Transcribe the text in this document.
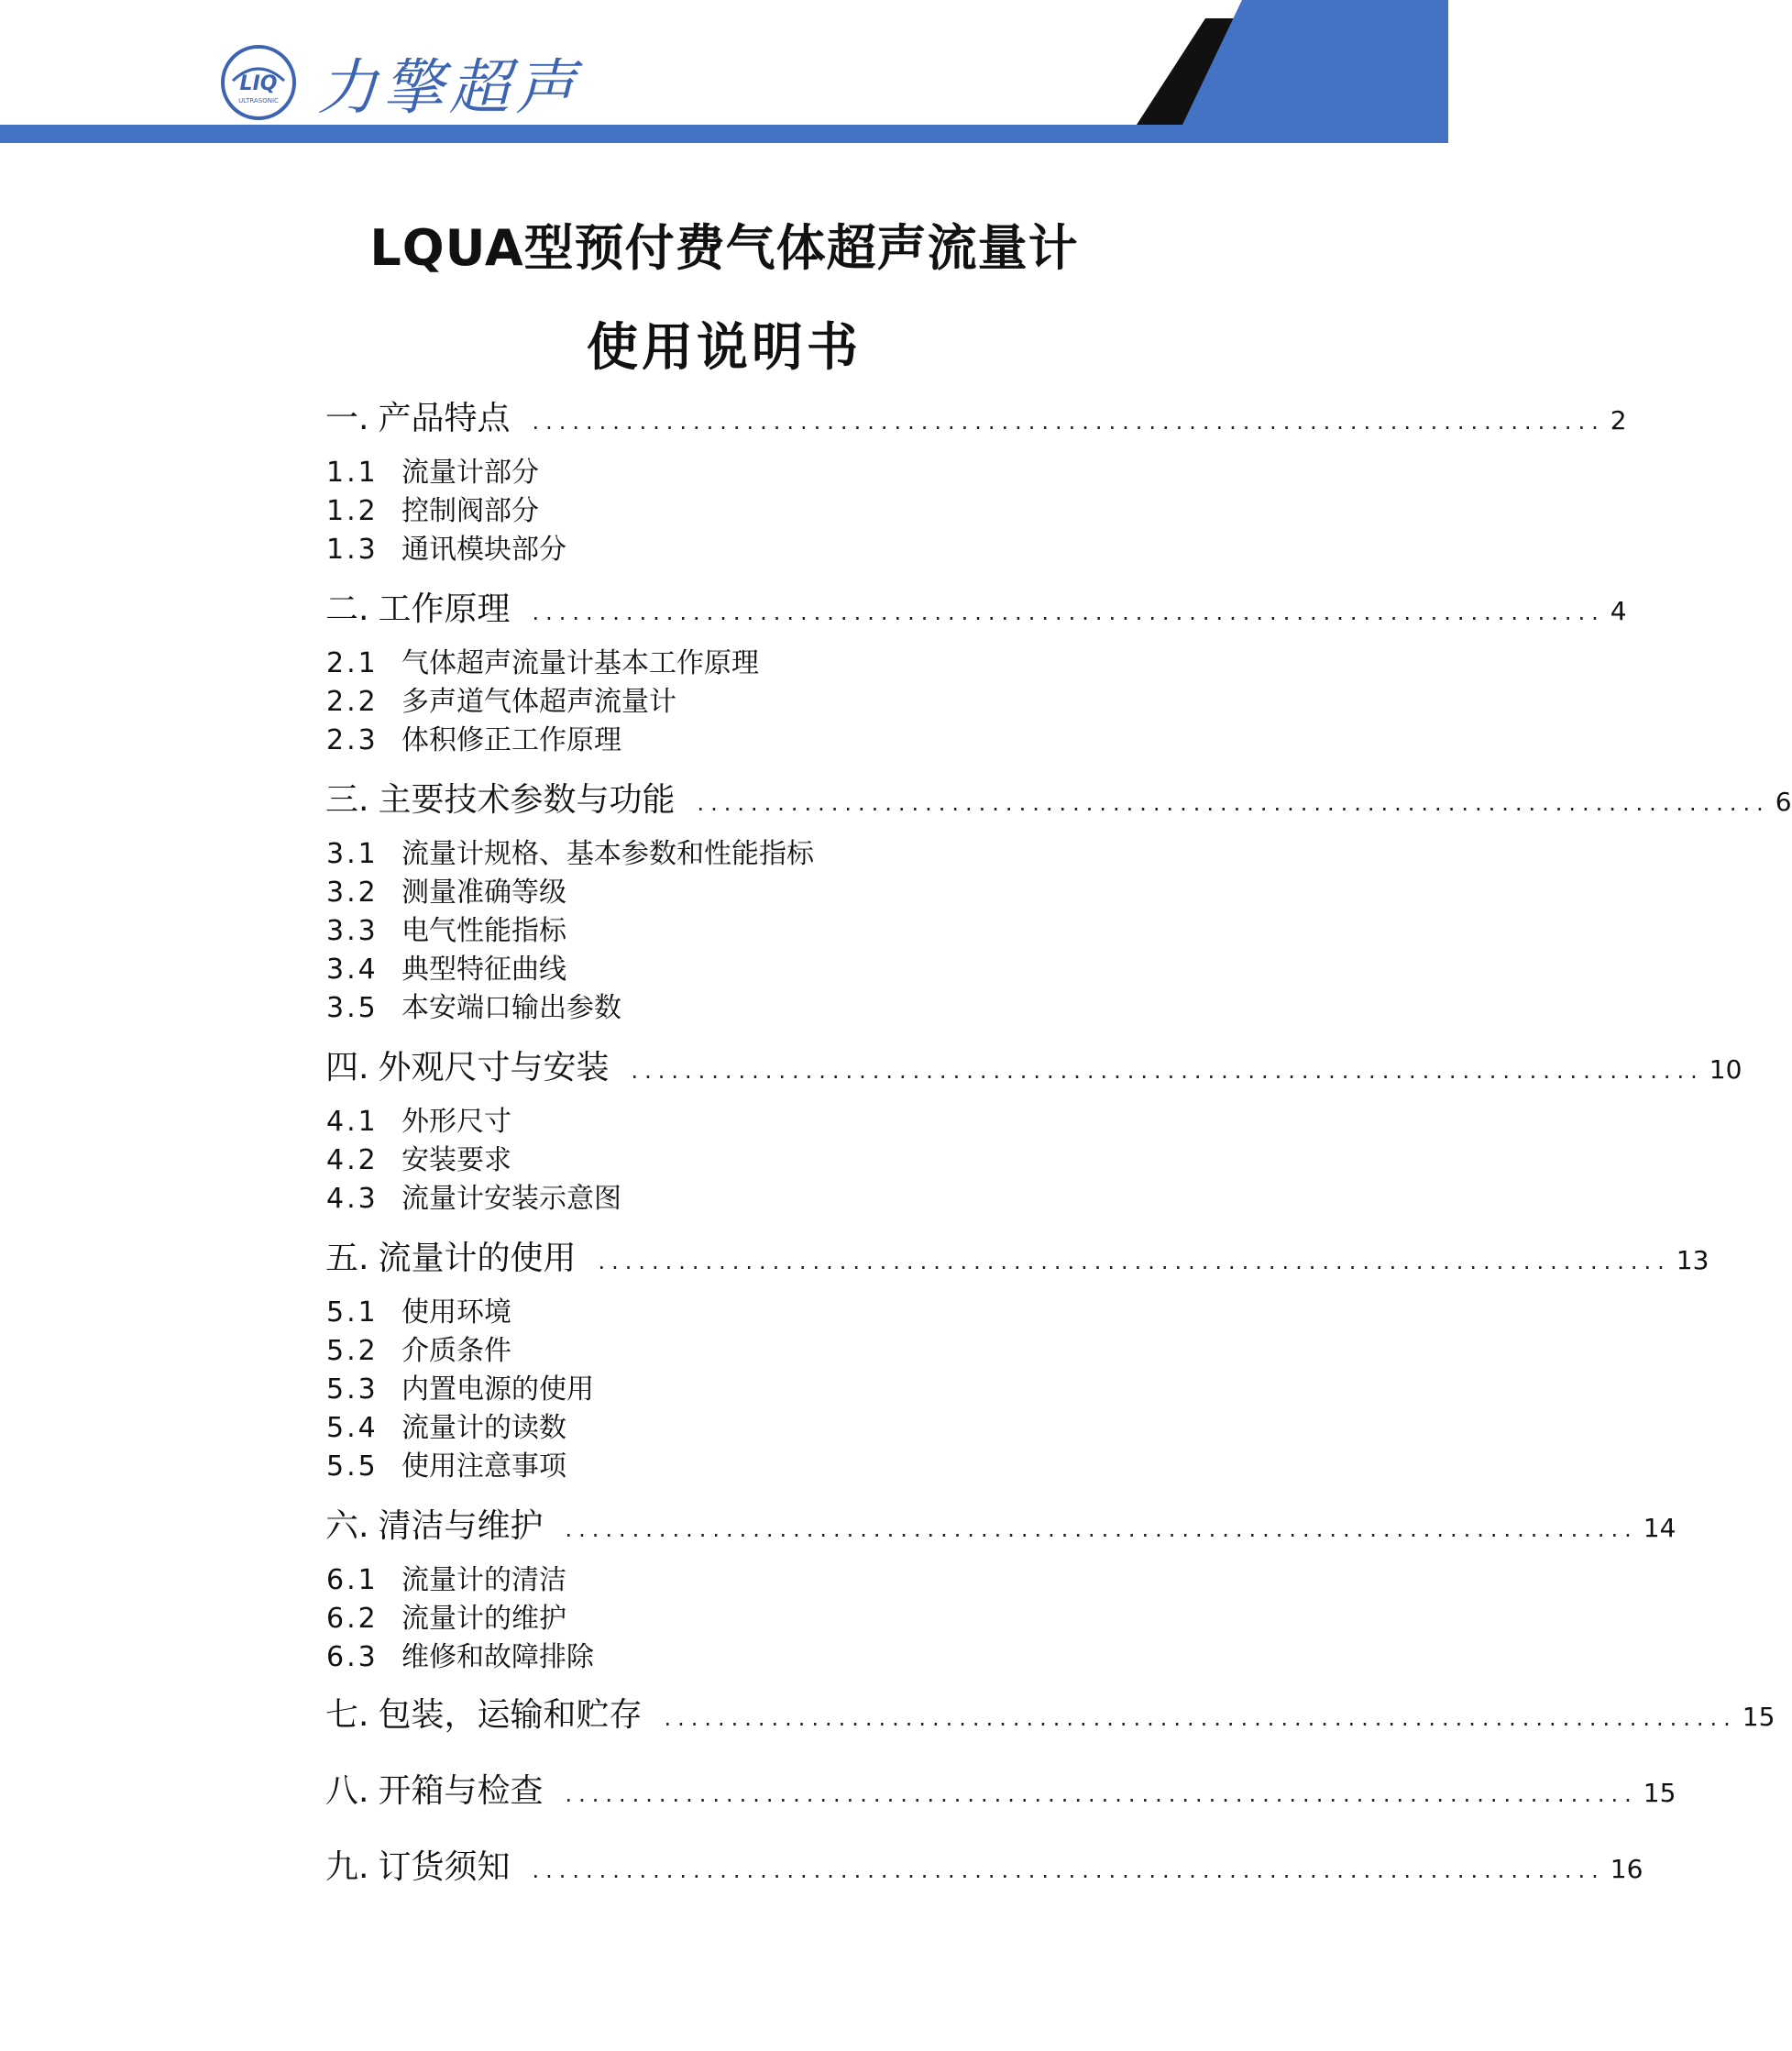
LIQ
ULTRASONIC 力擎超声
LQUA型预付费气体超声流量计
使用说明书
一. 产品特点 ................................................................................ 2
1.1 流量计部分
1.2 控制阀部分
1.3 通讯模块部分
二. 工作原理 ................................................................................ 4
2.1 气体超声流量计基本工作原理
2.2 多声道气体超声流量计
2.3 体积修正工作原理
三. 主要技术参数与功能 ................................................................................ 6
3.1 流量计规格、基本参数和性能指标
3.2 测量准确等级
3.3 电气性能指标
3.4 典型特征曲线
3.5 本安端口输出参数
四. 外观尺寸与安装 ................................................................................ 10
4.1 外形尺寸
4.2 安装要求
4.3 流量计安装示意图
五. 流量计的使用 ................................................................................ 13
5.1 使用环境
5.2 介质条件
5.3 内置电源的使用
5.4 流量计的读数
5.5 使用注意事项
六. 清洁与维护 ................................................................................ 14
6.1 流量计的清洁
6.2 流量计的维护
6.3 维修和故障排除
七. 包装，运输和贮存 ................................................................................ 15
八. 开箱与检查 ................................................................................ 15
九. 订货须知 ................................................................................ 16
